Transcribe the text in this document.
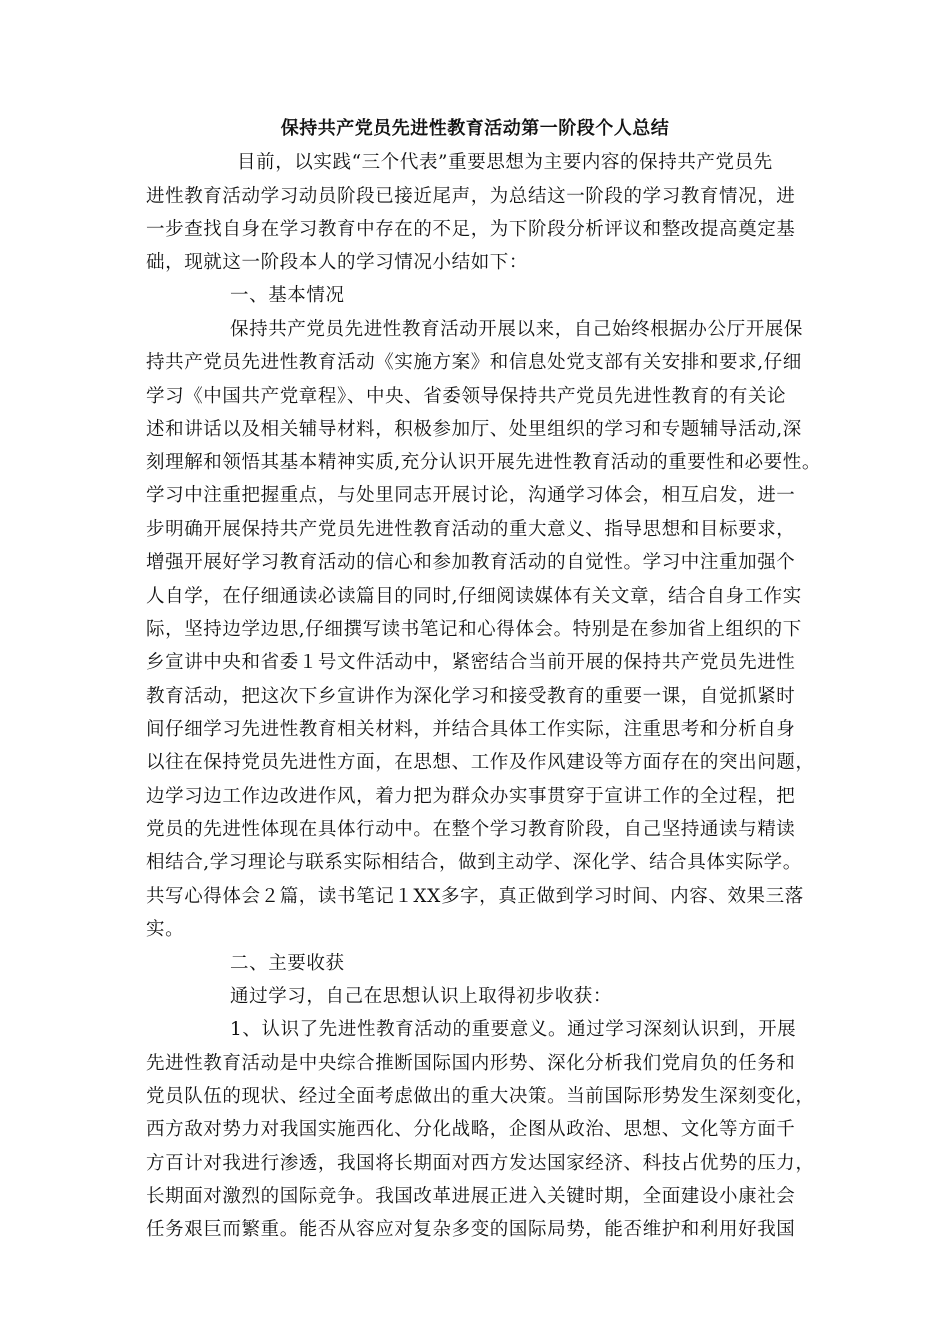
保持共产党员先进性教育活动第一阶段个人总结
目前，以实践“三个代表”重要思想为主要内容的保持共产党员先
进性教育活动学习动员阶段已接近尾声，为总结这一阶段的学习教育情况，进
一步查找自身在学习教育中存在的不足，为下阶段分析评议和整改提高奠定基
础，现就这一阶段本人的学习情况小结如下：
一、基本情况
保持共产党员先进性教育活动开展以来，自己始终根据办公厅开展保
持共产党员先进性教育活动《实施方案》和信息处党支部有关安排和要求,仔细
学习《中国共产党章程》、中央、省委领导保持共产党员先进性教育的有关论
述和讲话以及相关辅导材料，积极参加厅、处里组织的学习和专题辅导活动,深
刻理解和领悟其基本精神实质,充分认识开展先进性教育活动的重要性和必要性。
学习中注重把握重点，与处里同志开展讨论，沟通学习体会，相互启发，进一
步明确开展保持共产党员先进性教育活动的重大意义、指导思想和目标要求，
增强开展好学习教育活动的信心和参加教育活动的自觉性。学习中注重加强个
人自学，在仔细通读必读篇目的同时,仔细阅读媒体有关文章，结合自身工作实
际，坚持边学边思,仔细撰写读书笔记和心得体会。特别是在参加省上组织的下
乡宣讲中央和省委１号文件活动中，紧密结合当前开展的保持共产党员先进性
教育活动，把这次下乡宣讲作为深化学习和接受教育的重要一课，自觉抓紧时
间仔细学习先进性教育相关材料，并结合具体工作实际，注重思考和分析自身
以往在保持党员先进性方面，在思想、工作及作风建设等方面存在的突出问题，
边学习边工作边改进作风，着力把为群众办实事贯穿于宣讲工作的全过程，把
党员的先进性体现在具体行动中。在整个学习教育阶段，自己坚持通读与精读
相结合,学习理论与联系实际相结合，做到主动学、深化学、结合具体实际学。
共写心得体会２篇，读书笔记１XX多字，真正做到学习时间、内容、效果三落
实。
二、主要收获
通过学习，自己在思想认识上取得初步收获：
1、认识了先进性教育活动的重要意义。通过学习深刻认识到，开展
先进性教育活动是中央综合推断国际国内形势、深化分析我们党肩负的任务和
党员队伍的现状、经过全面考虑做出的重大决策。当前国际形势发生深刻变化，
西方敌对势力对我国实施西化、分化战略，企图从政治、思想、文化等方面千
方百计对我进行渗透，我国将长期面对西方发达国家经济、科技占优势的压力，
长期面对激烈的国际竞争。我国改革进展正进入关键时期，全面建设小康社会
任务艰巨而繁重。能否从容应对复杂多变的国际局势，能否维护和利用好我国
